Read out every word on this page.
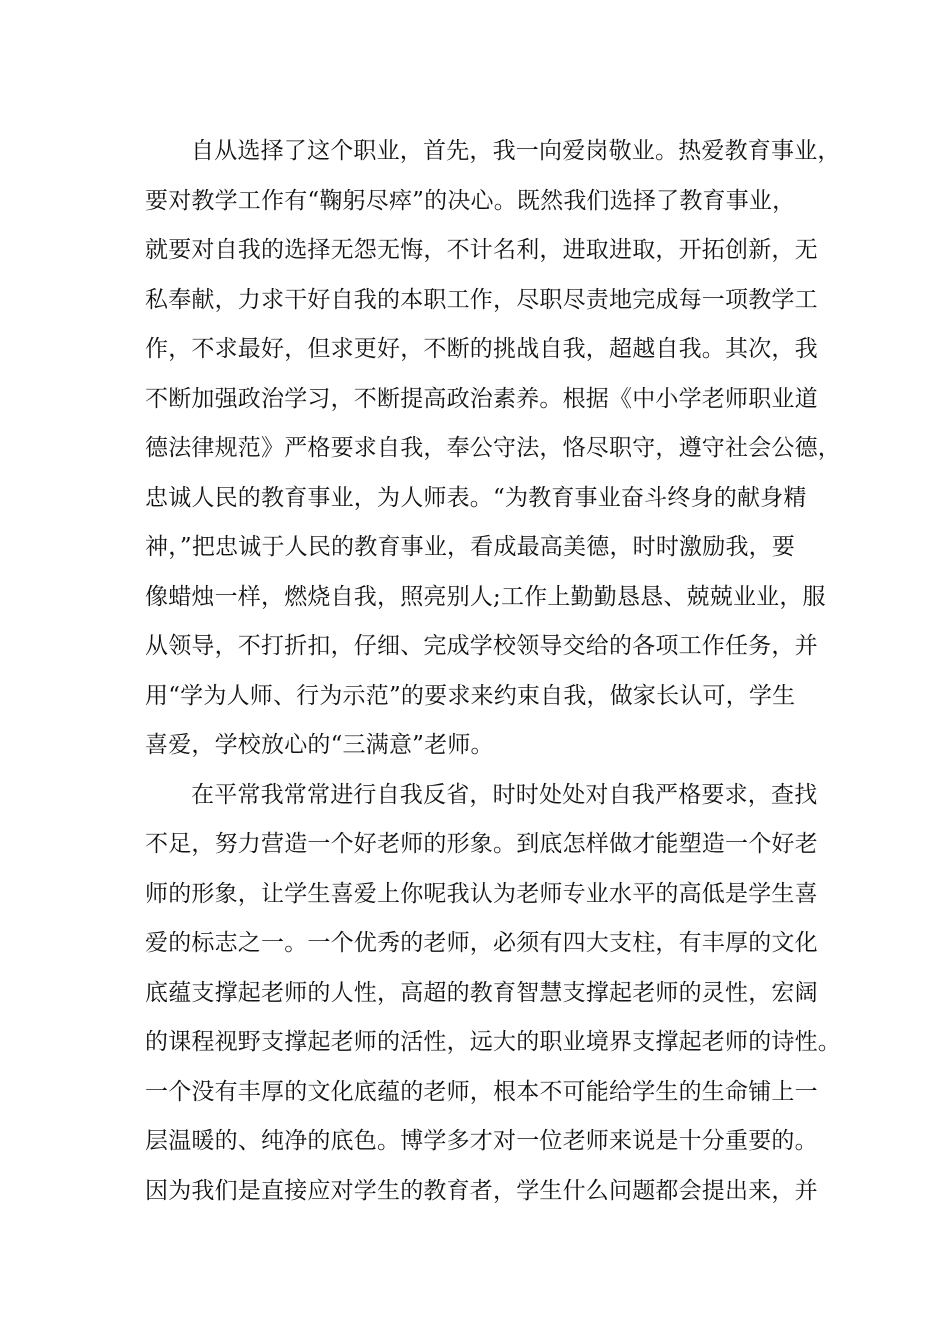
自从选择了这个职业，首先，我一向爱岗敬业。热爱教育事业，
要对教学工作有“鞠躬尽瘁”的决心。既然我们选择了教育事业，
就要对自我的选择无怨无悔，不计名利，进取进取，开拓创新，无
私奉献，力求干好自我的本职工作，尽职尽责地完成每一项教学工
作，不求最好，但求更好，不断的挑战自我，超越自我。其次，我
不断加强政治学习，不断提高政治素养。根据《中小学老师职业道
德法律规范》严格要求自我，奉公守法，恪尽职守，遵守社会公德，
忠诚人民的教育事业，为人师表。“为教育事业奋斗终身的献身精
神，”把忠诚于人民的教育事业，看成最高美德，时时激励我，要
像蜡烛一样，燃烧自我，照亮别人;工作上勤勤恳恳、兢兢业业，服
从领导，不打折扣，仔细、完成学校领导交给的各项工作任务，并
用“学为人师、行为示范”的要求来约束自我，做家长认可，学生
喜爱，学校放心的“三满意”老师。

在平常我常常进行自我反省，时时处处对自我严格要求，查找
不足，努力营造一个好老师的形象。到底怎样做才能塑造一个好老
师的形象，让学生喜爱上你呢我认为老师专业水平的高低是学生喜
爱的标志之一。一个优秀的老师，必须有四大支柱，有丰厚的文化
底蕴支撑起老师的人性，高超的教育智慧支撑起老师的灵性，宏阔
的课程视野支撑起老师的活性，远大的职业境界支撑起老师的诗性。
一个没有丰厚的文化底蕴的老师，根本不可能给学生的生命铺上一
层温暖的、纯净的底色。博学多才对一位老师来说是十分重要的。
因为我们是直接应对学生的教育者，学生什么问题都会提出来，并
